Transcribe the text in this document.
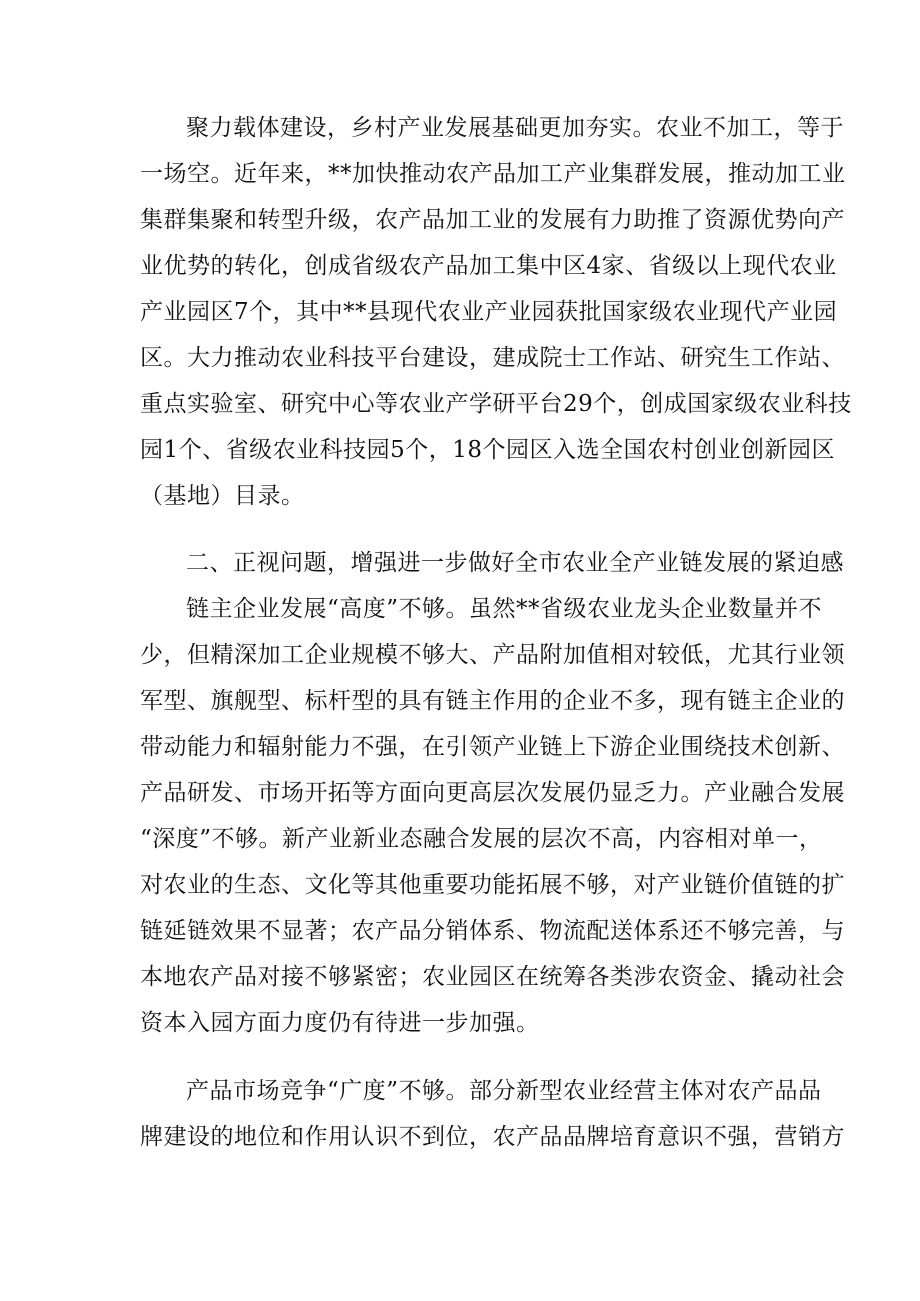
聚力载体建设，乡村产业发展基础更加夯实。农业不加工，等于
一场空。近年来，**加快推动农产品加工产业集群发展，推动加工业
集群集聚和转型升级，农产品加工业的发展有力助推了资源优势向产
业优势的转化，创成省级农产品加工集中区4家、省级以上现代农业
产业园区7个，其中**县现代农业产业园获批国家级农业现代产业园
区。大力推动农业科技平台建设，建成院士工作站、研究生工作站、
重点实验室、研究中心等农业产学研平台29个，创成国家级农业科技
园1个、省级农业科技园5个，18个园区入选全国农村创业创新园区
（基地）目录。
二、正视问题，增强进一步做好全市农业全产业链发展的紧迫感
链主企业发展“高度”不够。虽然**省级农业龙头企业数量并不
少，但精深加工企业规模不够大、产品附加值相对较低，尤其行业领
军型、旗舰型、标杆型的具有链主作用的企业不多，现有链主企业的
带动能力和辐射能力不强，在引领产业链上下游企业围绕技术创新、
产品研发、市场开拓等方面向更高层次发展仍显乏力。产业融合发展
“深度”不够。新产业新业态融合发展的层次不高，内容相对单一，
对农业的生态、文化等其他重要功能拓展不够，对产业链价值链的扩
链延链效果不显著；农产品分销体系、物流配送体系还不够完善，与
本地农产品对接不够紧密；农业园区在统筹各类涉农资金、撬动社会
资本入园方面力度仍有待进一步加强。
产品市场竞争“广度”不够。部分新型农业经营主体对农产品品
牌建设的地位和作用认识不到位，农产品品牌培育意识不强，营销方
